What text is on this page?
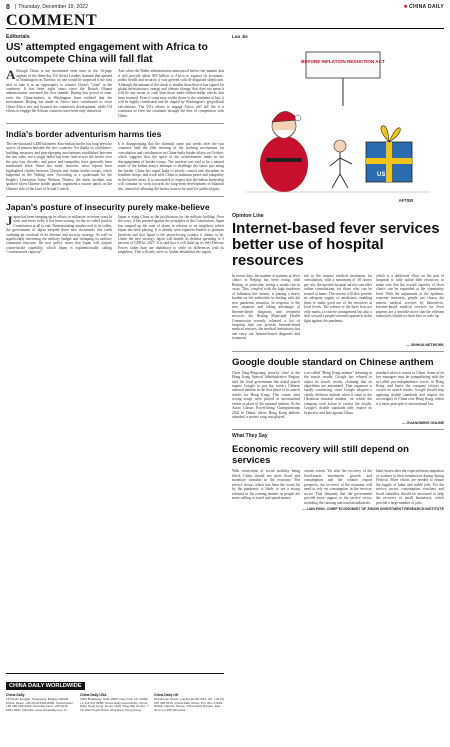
8 | Thursday, December 19, 2022	■ CHINA DAILY
COMMENT
Editorials
US' attempted engagement with Africa to outcompete China will fall flat

Although China is not mentioned even once in the 16-page agenda of the three-day US-Africa Leaders Summit that opened in Washington on Tuesday, no one would be surprised if the host tries to take it as an opportunity to counter China's "clout" in the continent. It has been eight years since the Barack Obama administration convened the first summit. During that period of time, even the China-bashers in Washington have realized that the investments Beijing has made in Africa have contributed to close China-Africa ties and boosted the continent's development, while US efforts to engage the African countries have been only rhetorical.

And when the Biden administration announced before the summit that it will provide about $55 billion to Africa to support its economic, public health and security, it was greeted with ill-disguised skepticism. Although the amount of the check is smaller than those it has signed for global infrastructure, energy and climate change, that does not mean it will be any easier to cash than those multi-trillion-dollar checks that have boomed. Even if some may trickle down to the continent at last, it will be highly conditional and be shaped by Washington's geopolitical calculations. The US's efforts to engage Africa will fall flat if it continues to view the continent through the lens of competition with China.

India's border adventurism harms ties

The ten-thousand 3,488-kilometer Sino-Indian border has long been the source of tension between the two countries. Yet thanks to confidence-building measures and peacekeeping mechanisms established between the two sides, not a single bullet has been fired across the border over the past four decades, and peace and tranquility have generally been maintained there. Since last week, however, news reports have highlighted clashes between Chinese and Indian border troops, which happened in the Yadong area. According to a spokesman for the People's Liberation Army Western Theater, the latest incident was sparked when Chinese border guards organized a routine patrol on the Chinese side of the Line of Actual Control.

It is disappointing that the skirmish came just weeks after the two countries held the 26th meeting of the working mechanism for consultation and coordination on China-India border affairs on October, which suggests that the spirit of the achievements made in the disengagement of border troops. The incident was said to be a natural result of the Indian army's attempts to challenge the status quo along the border. China has urged India to strictly control and discipline its frontline troops, and work with China to maintain peace and tranquility in the border areas. It is reasonable to expect that the Indian leadership will continue to work towards the long-term development of bilateral ties, instead of allowing the border issue to be used for political gain.

Japan's posture of insecurity purely make-believe

Japan has been ramping up its efforts to militarize in recent years in each and every field; it has been waiting for the so-called pacifist Constitution at all to end. Demonstrating another nail in its coffin, the government of Japan adopted three new documents this week outlining an overhaul of its defense and security strategy. As well as significantly increasing the military budget and reshaping its military command structure, the new policy states that Japan will acquire counterstrike capability, which Japan is euphemistically calling "counterattack capacity".

Japan is using China as the justification for the military buildup. Over the years, it has pressed against the principles of the Constitution, Japan has ramped up the tune of alarm in relation to its neighbors which Japan has been playing. It is already seen Japanese leaders to promote pacifism and that Japan is the peace-loving country it claims to be. Under the new strategy, Japan will double its defense spending to 2 percent of GDP by 2027. It is said that it will build up its Self-Defense Forces rather than use diplomacy to settle its differences with its neighbors. That will only serve to further destabilize the region.

CHINA DAILY WORLDWIDE
China Daily
15 Huixin Dongjie, Chaoyang, Beijing 100029, China. News: +86 (0)10 6491-8366. Subscription: +86 400-699-0203. Advertisement: +86 (0)10 6491-8631. Website: www.chinadaily.com.cn
China Daily USA
1500 Broadway, Suite 2800, New York, NY 10036. +1 212 537 8888. China Daily Asia Pacific, China Daily Hong Kong: Room 1818, Hing Wai Centre, 7 Tin Wan Praya Road, Aberdeen, Hong Kong.
China Daily UK
90 Cannon Street, London EC4N 6HA, UK. +44 (0) 207 398 8270. China Daily Africa: P.O. Box 27281-00100, Nairobi, Kenya. China Daily Europe: Rue de la Loi 155, Brussels.
Luo Jie
BEFORE INFLATION REDUCTION ACT
US
AFTER
Opinion Line
Internet-based fever services better use of hospital resources

In recent days, the number of patients at fever clinics in Beijing has been rising, with Beijing, in particular, seeing a steady rise in cases. This, coupled with the high incidence of influenza this season, is putting a heavy burden on the authorities in dealing with the new pandemic situation. In response to the new situation and taking advantage of Internet-based diagnosis and treatment services, the Beijing Municipal Health Commission recently released a list of hospitals that can provide Internet-based medical services, the medical institutions that can carry out Internet-based diagnosis and treatment.

ted to the nearest medical institution for consultation, with a maximum of 30 clinics per city, the internet hospital service can offer online consultations for those who can be treated at home. The service will also provide an adequate supply of medicines, enabling them to make good use of the resources at local levels. The release of the three lists not only marks a concrete arrangement but also a shift toward a people-oriented approach in the fight against the pandemic.

which is a deliberate effort on the part of hospitals to fully utilize their resources, to make sure that the overall capacity of fever clinics can be expanded at the community level. With the adjustment of the epidemic response measures, people can choose the nearest medical services by themselves. Internet-based medical services for fever patients are a sensible move that the relevant authorities should try their best to scale up.

— XINHUA NETWORK
Google double standard on Chinese anthem

Chen Yang-Pingwang, security chief of the Hong Kong Special Administrative Region, said the local government has asked search engine Google to put the correct Chinese national anthem in the first place of its search results for Hong Kong. This comes after wrong songs were played at international events in place of the national anthem. At the Asian Classic Powerlifting Championships 2022 in Dubai, where Hong Kong athletes attended, a protest song was played.

a so-called "Hong Kong anthem" featuring in the search results. Google has refused to adjust its search results, claiming that its algorithms are automated. That argument is hardly convincing, since Google adopted a clearly different attitude when it came to the Ukrainian national anthem, for which the company took action to correct the results. Google's double standards only expose its hypocrisy and bias against China.

standard when it comes to China. Some of its key managers may be sympathizing with the so-called pro-independence forces in Hong Kong, and hence the company refuses to correct its search results. Google should stop applying double standards and respect the sovereignty of China over Hong Kong, which is a basic principle of international law.

— GUANGMING ONLINE
What They Say
Economic recovery will still depend on services

With restrictions of social mobility being lifted, China should see more fiscal and monetary stimulus in the economy. The service sector, which has been the worst hit by the pandemic, is likely to see a strong rebound in the coming months as people are more willing to travel and spend money.

certain extent. Yet after the recovery of the fixed-assets investment growth and consumption and the weaker export prospects, the recovery of the economy will need to rely on consumption in the services sector. That demands that the government provide more support to the service sector, including the catering and tourism industries.

labor losses after the expected mass migration of workers to their hometowns during Spring Festival. More efforts are needed to ensure the supply of labor and stable jobs. For the service sector, consumption vouchers and fiscal subsidies should be increased to help the recovery of small businesses, which provide a large number of jobs.

— LIAN PING, CHIEF ECONOMIST OF ZHIXIN INVESTMENT RESEARCH INSTITUTE
